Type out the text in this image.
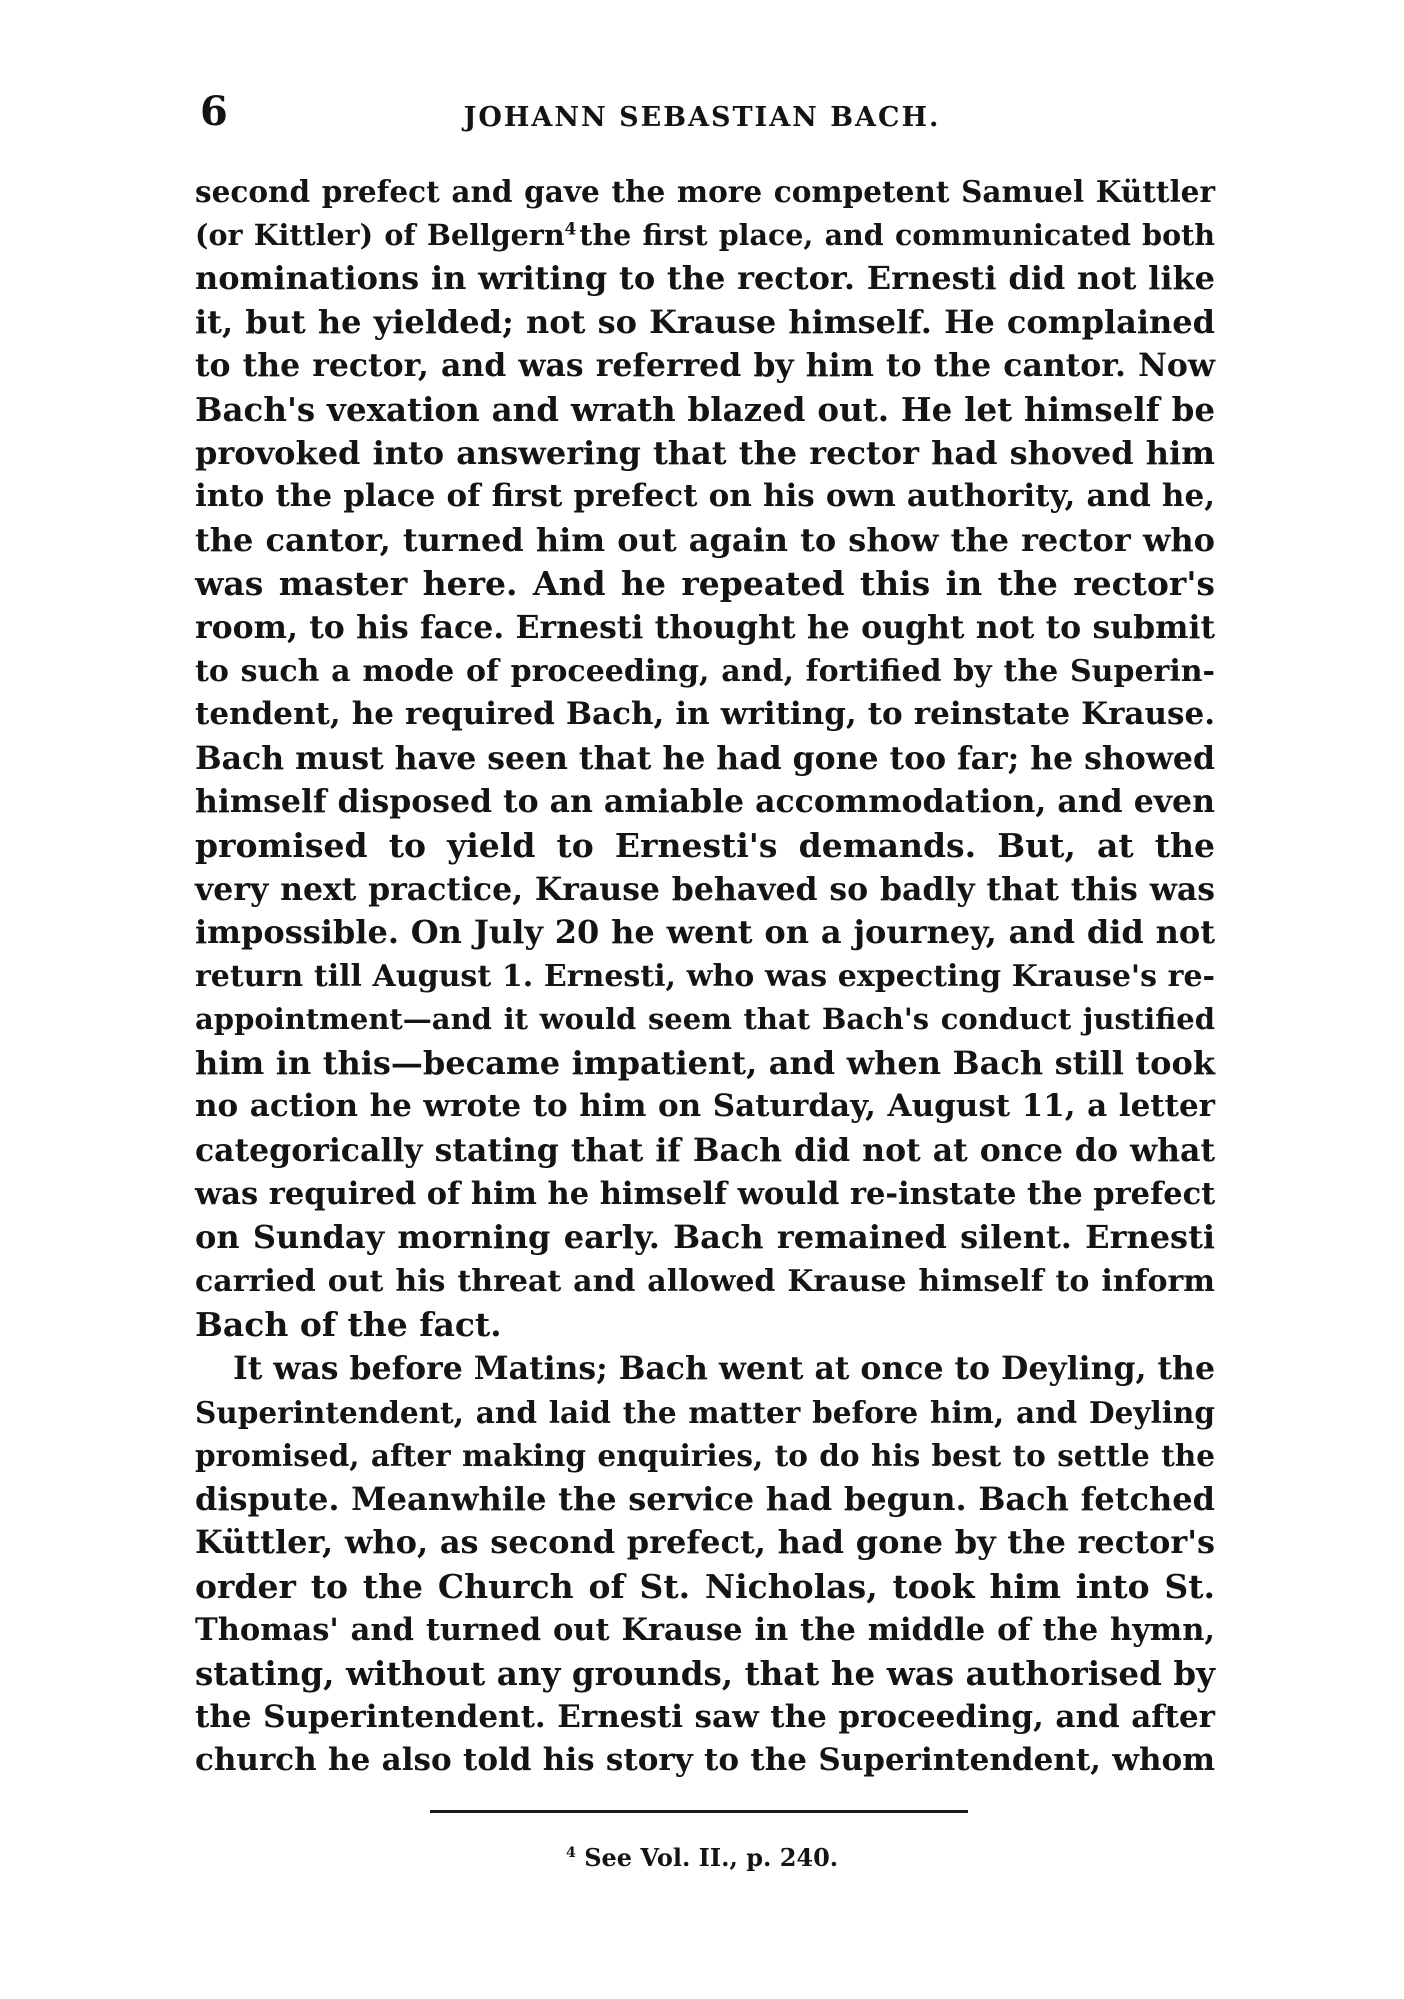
6	JOHANN SEBASTIAN BACH.
second prefect and gave the more competent Samuel Küttler
(or Kittler) of Bellgern$^4$ the first place, and communicated both
nominations in writing to the rector. Ernesti did not like
it, but he yielded; not so Krause himself. He complained
to the rector, and was referred by him to the cantor. Now
Bach's vexation and wrath blazed out. He let himself be
provoked into answering that the rector had shoved him
into the place of first prefect on his own authority, and he,
the cantor, turned him out again to show the rector who
was master here. And he repeated this in the rector's
room, to his face. Ernesti thought he ought not to submit
to such a mode of proceeding, and, fortified by the Superin-
tendent, he required Bach, in writing, to reinstate Krause.
Bach must have seen that he had gone too far; he showed
himself disposed to an amiable accommodation, and even
promised to yield to Ernesti's demands. But, at the
very next practice, Krause behaved so badly that this was
impossible. On July 20 he went on a journey, and did not
return till August 1. Ernesti, who was expecting Krause's re-
appointment—and it would seem that Bach's conduct justified
him in this—became impatient, and when Bach still took
no action he wrote to him on Saturday, August 11, a letter
categorically stating that if Bach did not at once do what
was required of him he himself would re-instate the prefect
on Sunday morning early. Bach remained silent. Ernesti
carried out his threat and allowed Krause himself to inform
Bach of the fact.
It was before Matins; Bach went at once to Deyling, the
Superintendent, and laid the matter before him, and Deyling
promised, after making enquiries, to do his best to settle the
dispute. Meanwhile the service had begun. Bach fetched
Küttler, who, as second prefect, had gone by the rector's
order to the Church of St. Nicholas, took him into St.
Thomas' and turned out Krause in the middle of the hymn,
stating, without any grounds, that he was authorised by
the Superintendent. Ernesti saw the proceeding, and after
church he also told his story to the Superintendent, whom
$^4$ See Vol. II., p. 240.
